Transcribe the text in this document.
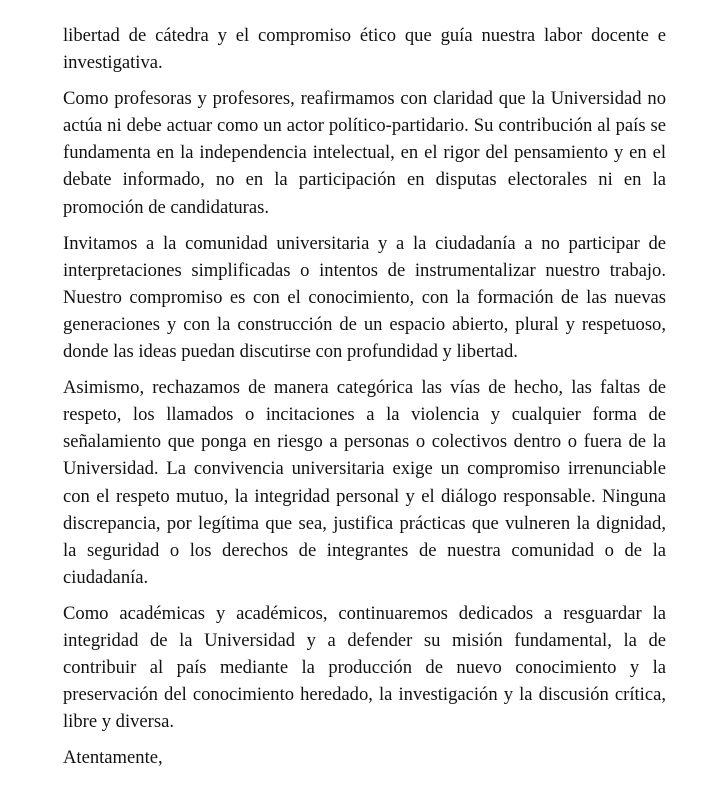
libertad de cátedra y el compromiso ético que guía nuestra labor docente e investigativa.

Como profesoras y profesores, reafirmamos con claridad que la Universidad no actúa ni debe actuar como un actor político-partidario. Su contribución al país se fundamenta en la independencia intelectual, en el rigor del pensamiento y en el debate informado, no en la participación en disputas electorales ni en la promoción de candidaturas.

Invitamos a la comunidad universitaria y a la ciudadanía a no participar de interpretaciones simplificadas o intentos de instrumentalizar nuestro trabajo. Nuestro compromiso es con el conocimiento, con la formación de las nuevas generaciones y con la construcción de un espacio abierto, plural y respetuoso, donde las ideas puedan discutirse con profundidad y libertad.

Asimismo, rechazamos de manera categórica las vías de hecho, las faltas de respeto, los llamados o incitaciones a la violencia y cualquier forma de señalamiento que ponga en riesgo a personas o colectivos dentro o fuera de la Universidad. La convivencia universitaria exige un compromiso irrenunciable con el respeto mutuo, la integridad personal y el diálogo responsable. Ninguna discrepancia, por legítima que sea, justifica prácticas que vulneren la dignidad, la seguridad o los derechos de integrantes de nuestra comunidad o de la ciudadanía.

Como académicas y académicos, continuaremos dedicados a resguardar la integridad de la Universidad y a defender su misión fundamental, la de contribuir al país mediante la producción de nuevo conocimiento y la preservación del conocimiento heredado, la investigación y la discusión crítica, libre y diversa.

Atentamente,
